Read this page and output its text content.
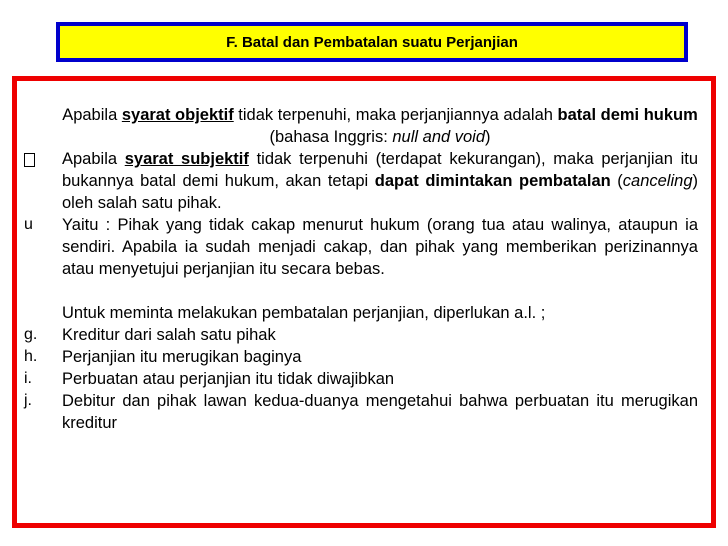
F. Batal dan Pembatalan suatu Perjanjian
Apabila syarat objektif tidak terpenuhi, maka perjanjiannya adalah batal demi hukum (bahasa Inggris: null and void)
Apabila syarat subjektif tidak terpenuhi (terdapat kekurangan), maka perjanjian itu bukannya batal demi hukum, akan tetapi dapat dimintakan pembatalan (canceling) oleh salah satu pihak.
u	Yaitu : Pihak yang tidak cakap menurut hukum (orang tua atau walinya, ataupun ia sendiri. Apabila ia sudah menjadi cakap, dan pihak yang memberikan perizinannya atau menyetujui perjanjian itu secara bebas.
Untuk meminta melakukan pembatalan perjanjian, diperlukan a.l. ;
g.	Kreditur dari salah satu pihak
h.	Perjanjian itu merugikan baginya
i.	Perbuatan atau perjanjian itu tidak diwajibkan
j.	Debitur dan pihak lawan kedua-duanya mengetahui bahwa perbuatan itu merugikan kreditur
